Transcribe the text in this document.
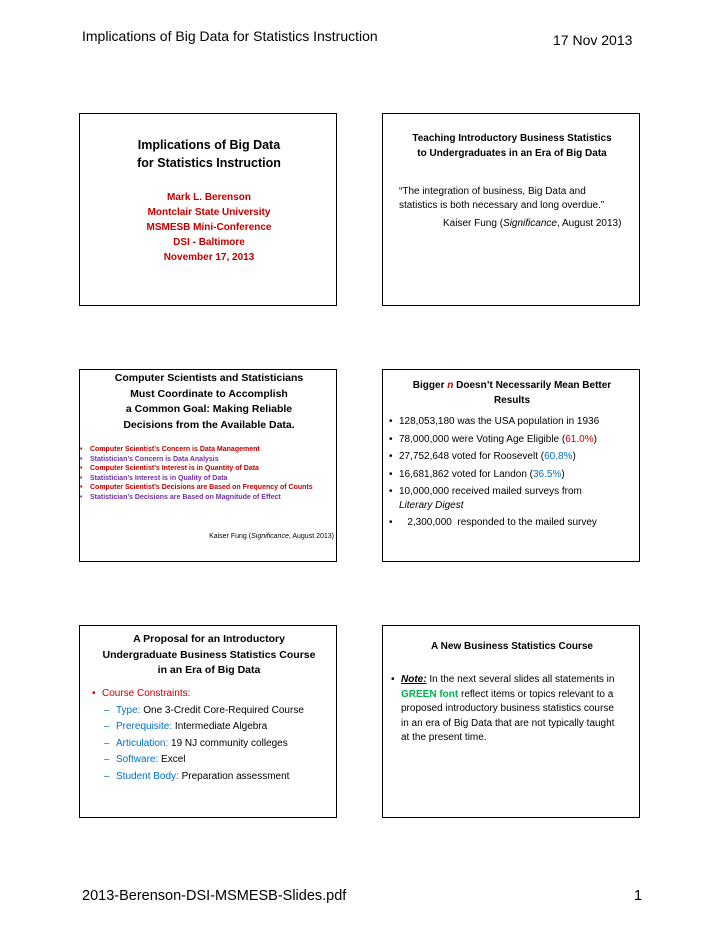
Implications of Big Data for Statistics Instruction	17 Nov 2013
Implications of Big Data
for Statistics Instruction
Mark L. Berenson
Montclair State University
MSMESB Mini-Conference
DSI - Baltimore
November 17, 2013
Teaching Introductory Business Statistics
to Undergraduates in an Era of Big Data
“The integration of business, Big Data and
statistics is both necessary and long overdue.”
Kaiser Fung (Significance, August 2013)
Computer Scientists and Statisticians
Must Coordinate to Accomplish
a Common Goal: Making Reliable
Decisions from the Available Data.
• Computer Scientist’s Concern is Data Management
• Statistician’s Concern is Data Analysis
• Computer Scientist’s Interest is in Quantity of Data
• Statistician’s Interest is in Quality of Data
• Computer Scientist’s Decisions are Based on Frequency of Counts
• Statistician’s Decisions are Based on Magnitude of Effect
Kaiser Fung (Significance, August 2013)
Bigger n Doesn’t Necessarily Mean Better
Results
• 128,053,180 was the USA population in 1936
• 78,000,000 were Voting Age Eligible (61.0%)
• 27,752,648 voted for Roosevelt (60.8%)
• 16,681,862 voted for Landon (36.5%)
• 10,000,000 received mailed surveys from
Literary Digest
•    2,300,000  responded to the mailed survey
A Proposal for an Introductory
Undergraduate Business Statistics Course
in an Era of Big Data
• Course Constraints:
– Type: One 3-Credit Core-Required Course
– Prerequisite: Intermediate Algebra
– Articulation: 19 NJ community colleges
– Software: Excel
– Student Body: Preparation assessment
A New Business Statistics Course
• Note: In the next several slides all statements in
GREEN font reflect items or topics relevant to a
proposed introductory business statistics course
in an era of Big Data that are not typically taught
at the present time.
2013-Berenson-DSI-MSMESB-Slides.pdf	1
